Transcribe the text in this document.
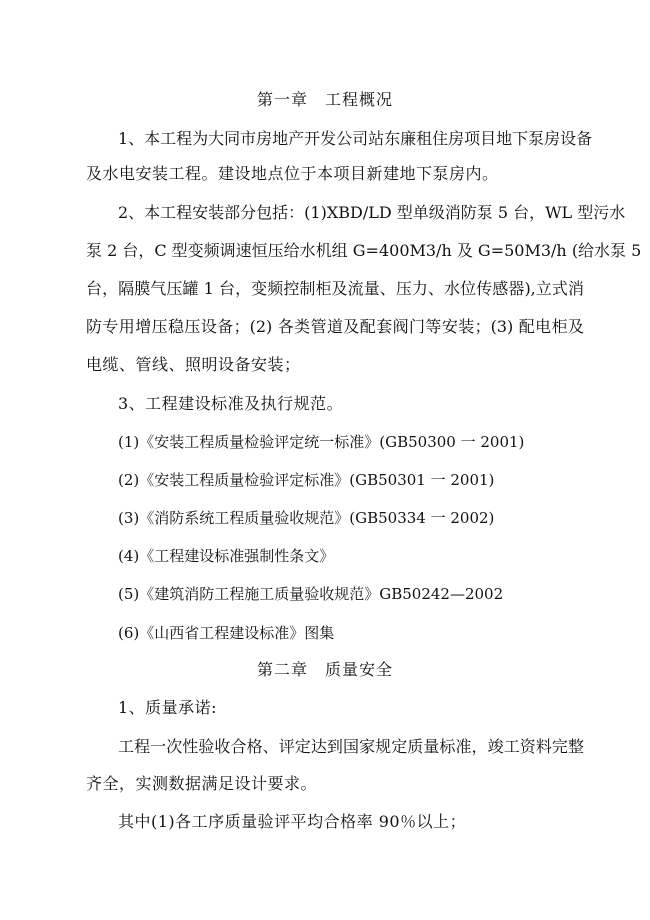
第一章　工程概况
1、本工程为大同市房地产开发公司站东廉租住房项目地下泵房设备
及水电安装工程。建设地点位于本项目新建地下泵房内。
2、本工程安装部分包括：(1)XBD/LD 型单级消防泵 5 台，WL 型污水
泵 2 台，C 型变频调速恒压给水机组 G=400M3/h 及 G=50M3/h (给水泵 5
台，隔膜气压罐 1 台，变频控制柜及流量、压力、水位传感器),立式消
防专用增压稳压设备；(2) 各类管道及配套阀门等安装；(3) 配电柜及
电缆、管线、照明设备安装；
3、工程建设标准及执行规范。
(1)《安装工程质量检验评定统一标准》(GB50300 一 2001)
(2)《安装工程质量检验评定标准》(GB50301 一 2001)
(3)《消防系统工程质量验收规范》(GB50334 一 2002)
(4)《工程建设标准强制性条文》
(5)《建筑消防工程施工质量验收规范》GB50242—2002
(6)《山西省工程建设标准》图集
第二章　质量安全
1、质量承诺:
工程一次性验收合格、评定达到国家规定质量标准，竣工资料完整
齐全，实测数据满足设计要求。
其中(1)各工序质量验评平均合格率 90％以上；
